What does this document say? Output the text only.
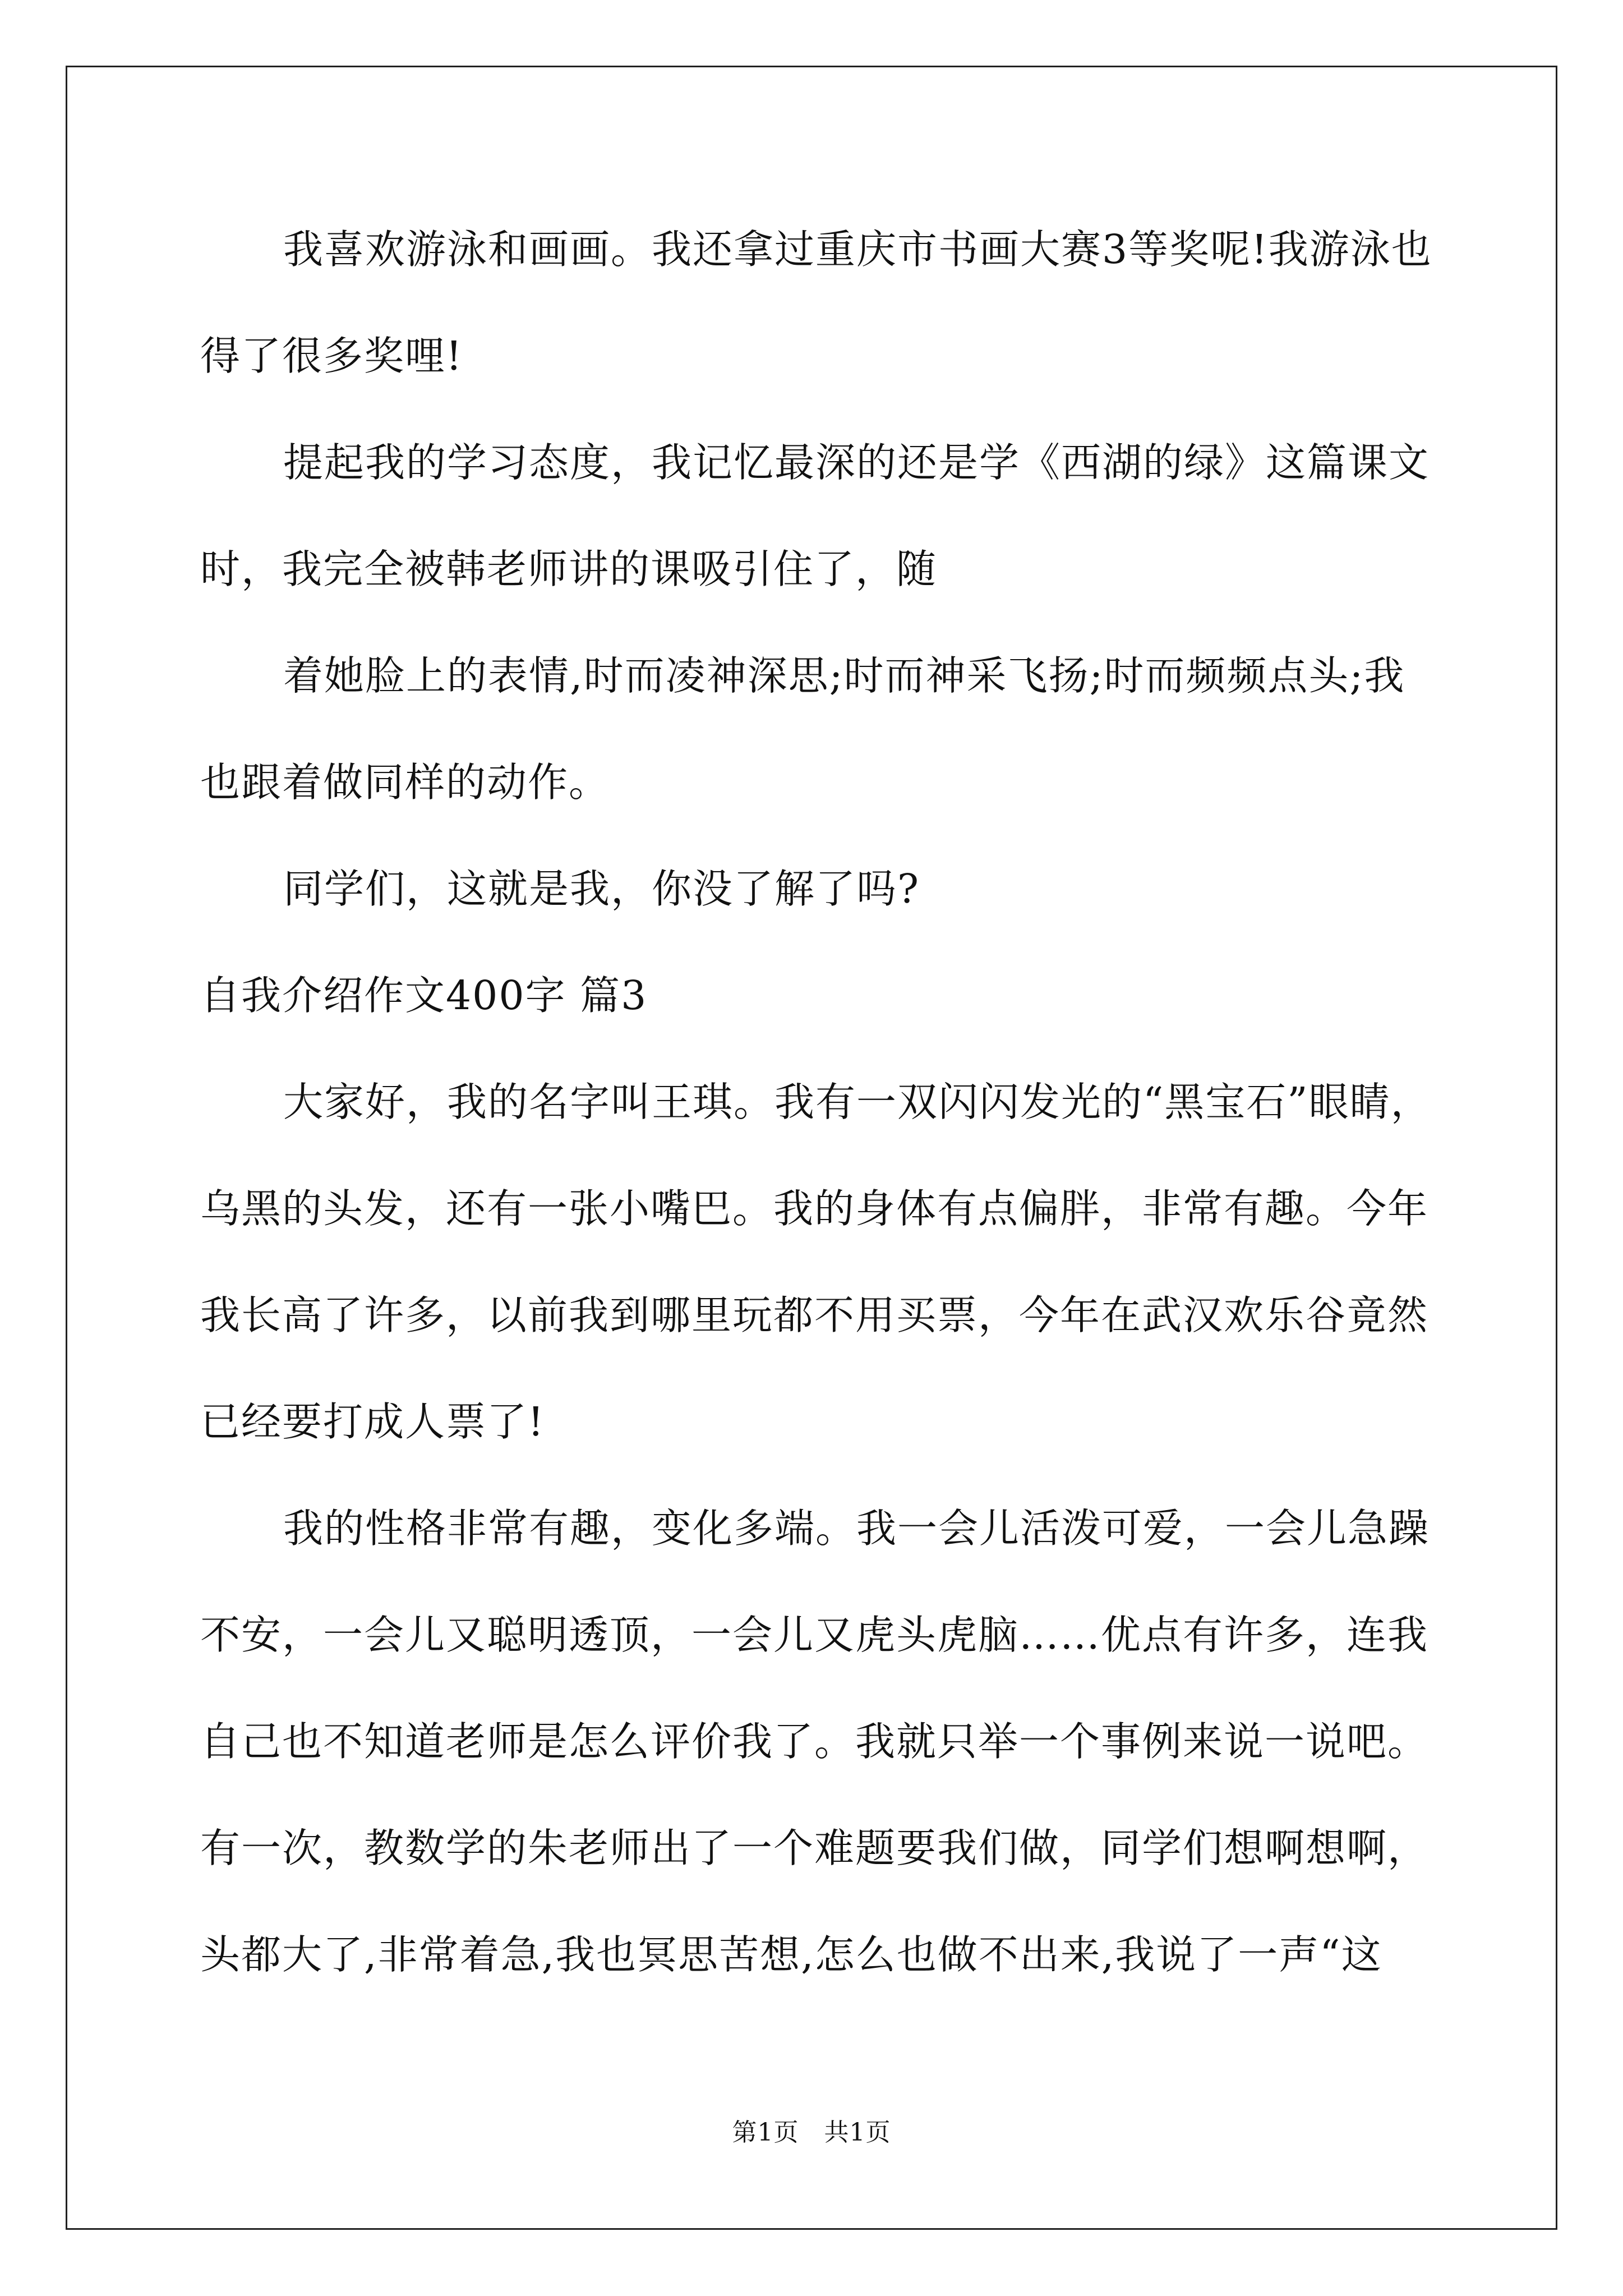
我喜欢游泳和画画。我还拿过重庆市书画大赛3等奖呢!我游泳也
得了很多奖哩!
提起我的学习态度，我记忆最深的还是学《西湖的绿》这篇课文
时，我完全被韩老师讲的课吸引住了，随
着她脸上的表情,时而凌神深思;时而神采飞扬;时而频频点头;我
也跟着做同样的动作。
同学们，这就是我，你没了解了吗?
自我介绍作文400字 篇3
大家好，我的名字叫王琪。我有一双闪闪发光的“黑宝石”眼睛，
乌黑的头发，还有一张小嘴巴。我的身体有点偏胖，非常有趣。今年
我长高了许多，以前我到哪里玩都不用买票，今年在武汉欢乐谷竟然
已经要打成人票了!
我的性格非常有趣，变化多端。我一会儿活泼可爱，一会儿急躁
不安，一会儿又聪明透顶，一会儿又虎头虎脑……优点有许多，连我
自己也不知道老师是怎么评价我了。我就只举一个事例来说一说吧。
有一次，教数学的朱老师出了一个难题要我们做，同学们想啊想啊，
头都大了,非常着急,我也冥思苦想,怎么也做不出来,我说了一声“这
第1页　共1页
